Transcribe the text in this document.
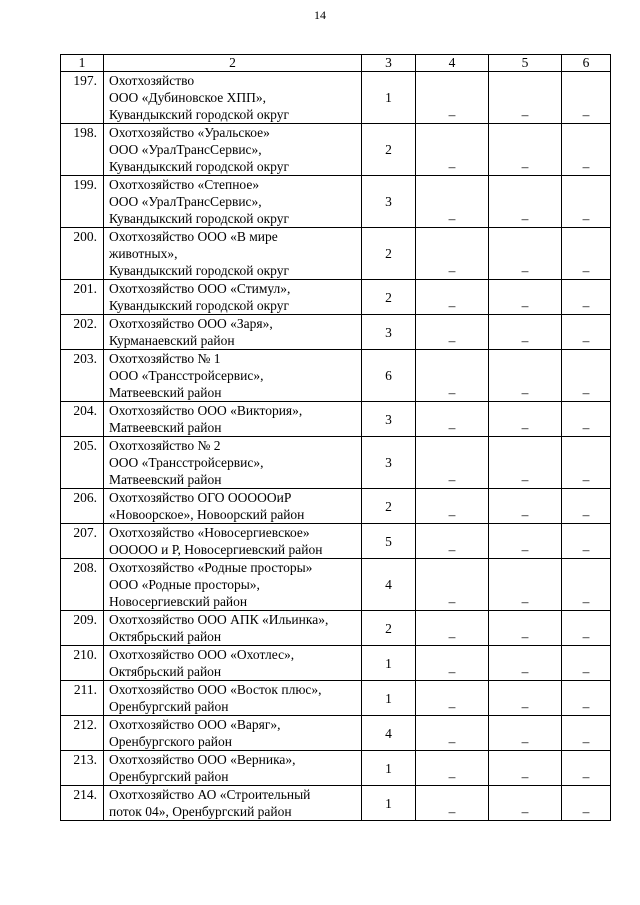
14
1	2	3	4	5	6
197.	Охотхозяйство
ООО «Дубиновское ХПП»,
Кувандыкский городской округ	1	–	–	–
198.	Охотхозяйство «Уральское»
ООО «УралТрансСервис»,
Кувандыкский городской округ	2	–	–	–
199.	Охотхозяйство «Степное»
ООО «УралТрансСервис»,
Кувандыкский городской округ	3	–	–	–
200.	Охотхозяйство ООО «В мире
животных»,
Кувандыкский городской округ	2	–	–	–
201.	Охотхозяйство ООО «Стимул»,
Кувандыкский городской округ	2	–	–	–
202.	Охотхозяйство ООО «Заря»,
Курманаевский район	3	–	–	–
203.	Охотхозяйство № 1
ООО «Трансстройсервис»,
Матвеевский район	6	–	–	–
204.	Охотхозяйство ООО «Виктория»,
Матвеевский район	3	–	–	–
205.	Охотхозяйство № 2
ООО «Трансстройсервис»,
Матвеевский район	3	–	–	–
206.	Охотхозяйство ОГО ООООOиР
«Новоорское», Новоорский район	2	–	–	–
207.	Охотхозяйство «Новосергиевское»
ООООО и Р, Новосергиевский район	5	–	–	–
208.	Охотхозяйство «Родные просторы»
ООО «Родные просторы»,
Новосергиевский район	4	–	–	–
209.	Охотхозяйство ООО АПК «Ильинка»,
Октябрьский район	2	–	–	–
210.	Охотхозяйство ООО «Охотлес»,
Октябрьский район	1	–	–	–
211.	Охотхозяйство ООО «Восток плюс»,
Оренбургский район	1	–	–	–
212.	Охотхозяйство ООО «Варяг»,
Оренбургского район	4	–	–	–
213.	Охотхозяйство ООО «Верника»,
Оренбургский район	1	–	–	–
214.	Охотхозяйство АО «Строительный
поток 04», Оренбургский район	1	–	–	–
